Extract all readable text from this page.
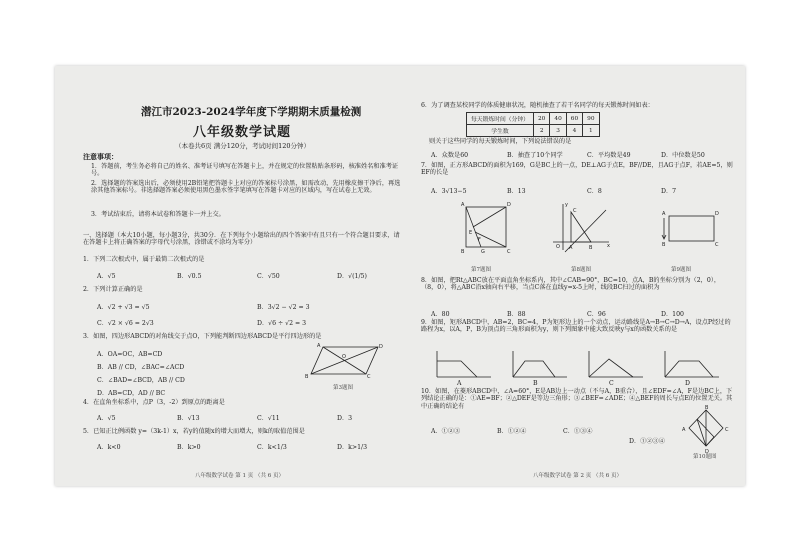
潜江市2023-2024学年度下学期期末质量检测
八年级数学试题
（本卷共6页 满分120分，考试时间120分钟）
注意事项：
1．答题前，考生务必将自己的姓名、准考证号填写在答题卡上，并在规定的位置粘贴条形码，核准姓名和准考证号。
2．选择题的答案选出后，必须使用2B铅笔把答题卡上对应的答案标号涂黑，如需改动，先用橡皮擦干净后，再选涂其他答案标号。非选择题答案必须使用黑色墨水签字笔填写在答题卡对应的区域内，写在试卷上无效。
3．考试结束后，请将本试卷和答题卡一并上交。
一、选择题（本大10小题，每小题3分，共30分．在下列每个小题给出的四个答案中有且只有一个符合题目要求，请在答题卡上将正确答案的字母代号涂黑，涂错或不涂均为零分）
1．下列二次根式中，属于最简二次根式的是
A．√5	B．√0.5	C．√50	D．√(1/5)
2．下列计算正确的是
A．√2 + √3 = √5	B．3√2 − √2 = 3
C．√2 × √6 = 2√3	D．√6 ÷ √2 = 3
3．如图，四边形ABCD的对角线交于点O，下列能判断四边形ABCD是平行四边形的是
A．OA=OC，AB=CD
B．AB // CD，∠BAC=∠ACD
C．∠BAD=∠BCD，AB // CD
D．AB=CD，AD // BC
A	D
B	C
O
第3题图
4．在直角坐标系中，点P（3，-2）到原点的距离是
A．√5	B．√13	C．√11	D．3
5．已知正比例函数 y=（3k-1）x，若y的值随x的增大而增大，则k的取值范围是
A．k<0	B．k>0	C．k<1/3	D．k>1/3
八年级数学试卷 第 1 页 （共 6 页）
6．为了调查某校同学的体质健康状况，随机抽查了若干名同学的每天锻炼时间如表：
每天锻炼时间（分钟）	20	40	60	90
学生数	2	3	4	1
则关于这些同学的每天锻炼时间，下列说法错误的是
A．众数是60	B．抽查了10个同学	C．平均数是49	D．中位数是50
7．如图，正方形ABCD的面积为169，G是BC上的一点，DE⊥AG于点E，BF//DE，且AG于点F，若AE=5，则EF的长是
A．3√13−5	B．13	C．8	D．7
A	D
B	G	C
F
E
y
x
O
C
A	B
A	D
B	C
第7题图	第8题图	第9题图
8．如图，把Rt△ABC放在平面直角坐标系内，其中∠CAB=90°，BC=10，点A，B的坐标分别为（2，0），（8，0），将△ABC沿x轴向右平移，当点C落在直线y=x-5上时，线段BC扫过的面积为
A．80	B．88	C．96	D．100
9．如图，矩形ABCD中，AB=2，BC=4，P为矩形边上的一个动点，运动路线是A→B→C→D→A，设点P经过的路程为x，以A，P，B为顶点的三角形面积为y，则下列图象中能大致反映y与x的函数关系的是
A	B	C	D
10．如图，在菱形ABCD中，∠A=60°，E是AB边上一动点（不与A，B重合），且∠EDF=∠A，F是边BC上，下列结论正确的是：①AE=BF；②△DEF是等边三角形；③∠BEF=∠ADE；④△BEF的周长与点E的位置无关。其中正确的结论有
A．①②③	B．①②④	C．①③④
D．①②③④
A
B
C
D
第10题图
八年级数学试卷 第 2 页 （共 6 页）
